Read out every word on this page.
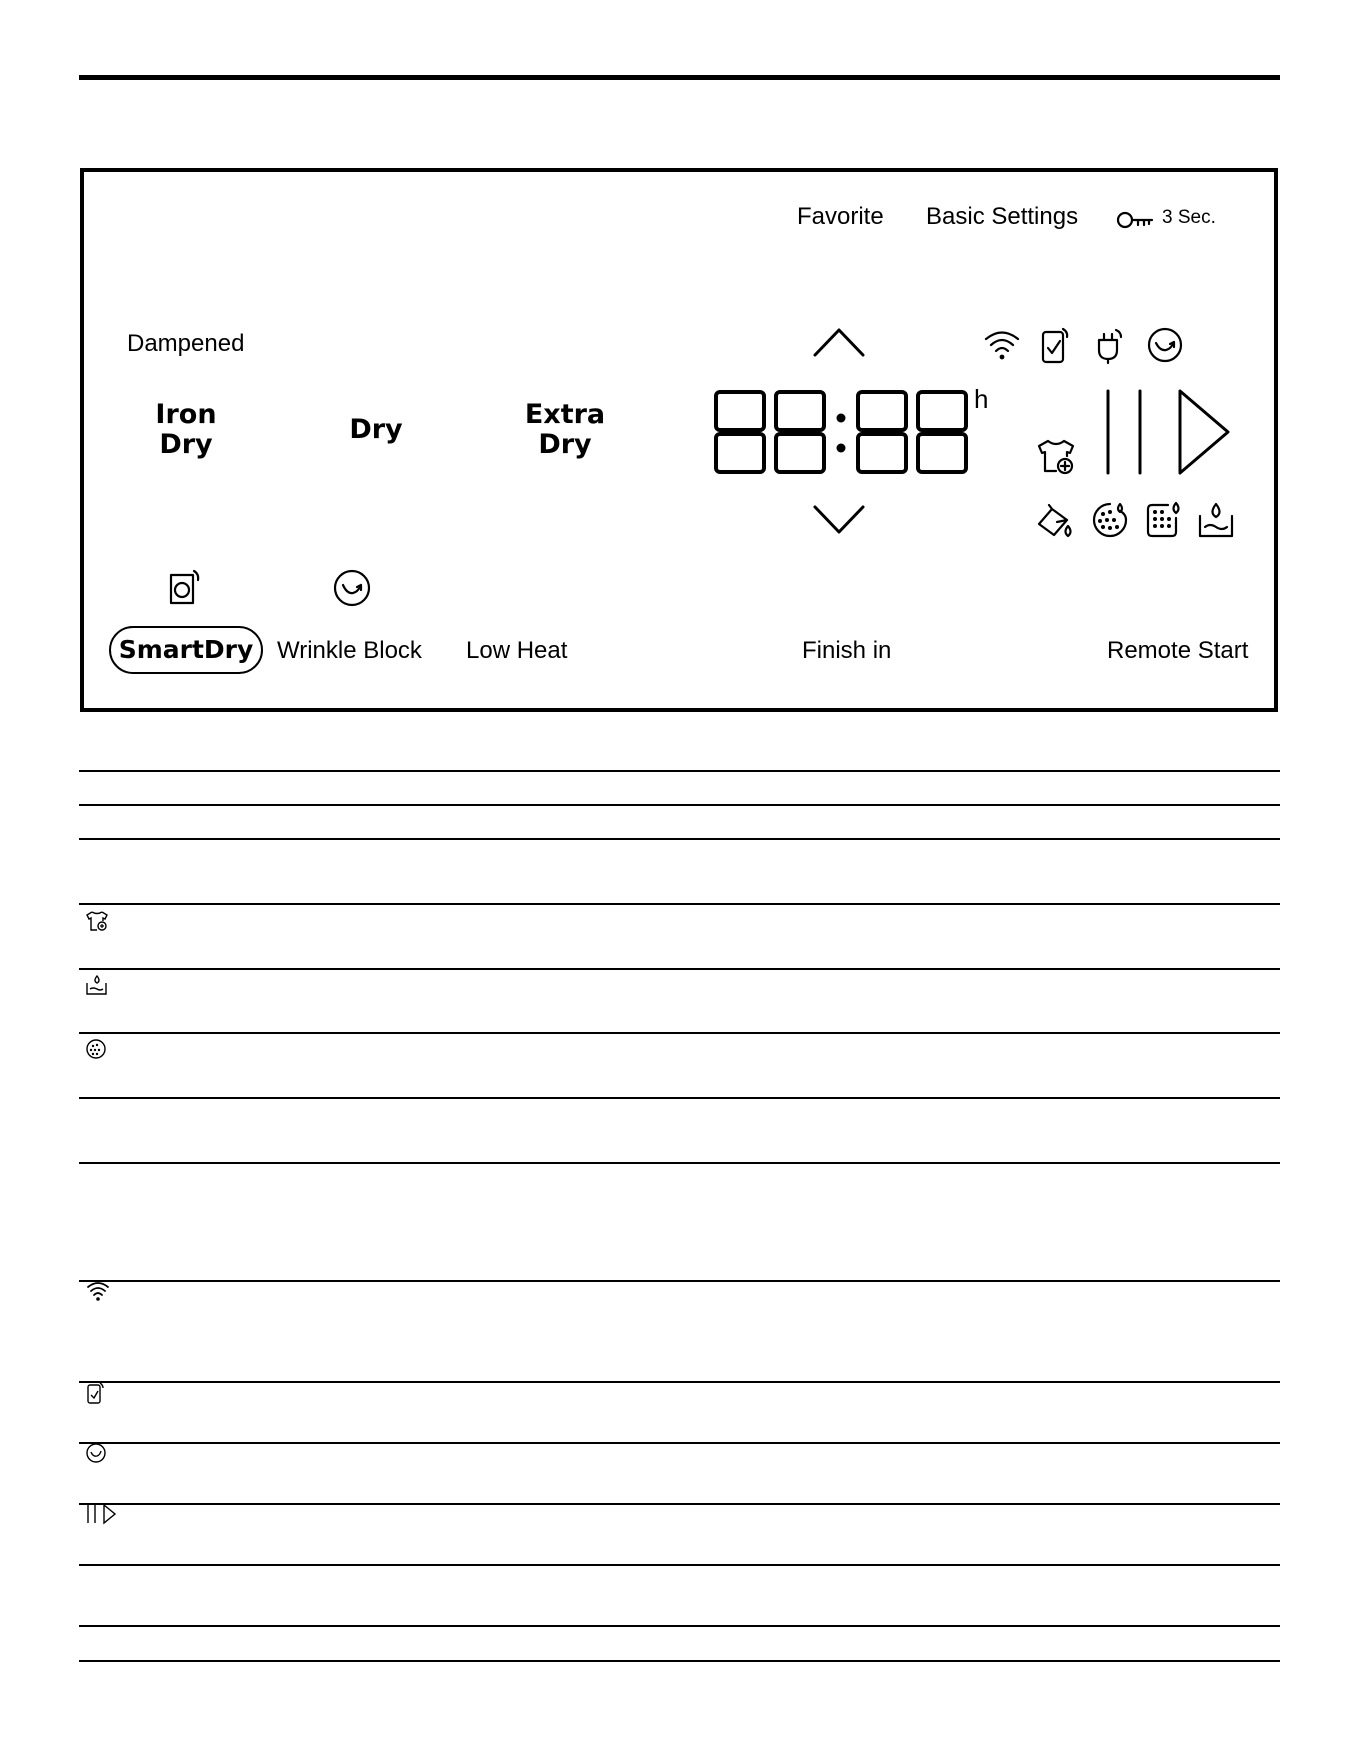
Favorite Basic Settings	3 Sec.
Dampened
Iron
Dry	Dry	Extra
Dry
h
SmartDry Wrinkle Block Low Heat	Finish in	Remote Start
